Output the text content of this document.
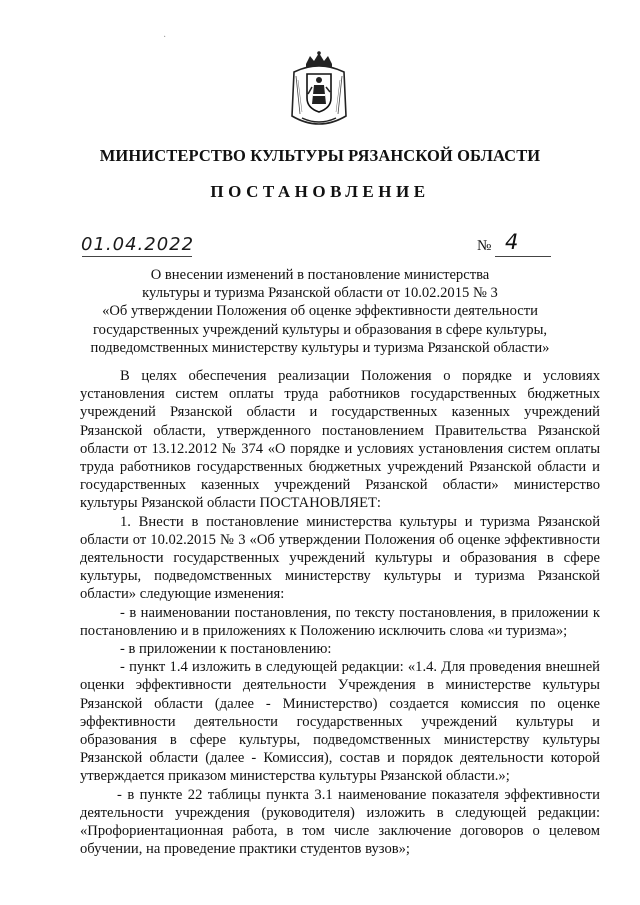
·
МИНИСТЕРСТВО КУЛЬТУРЫ РЯЗАНСКОЙ ОБЛАСТИ
ПОСТАНОВЛЕНИЕ
01.04.2022	№ 4
О внесении изменений в постановление министерства
культуры и туризма Рязанской области от 10.02.2015 № 3
«Об утверждении Положения об оценке эффективности деятельности
государственных учреждений культуры и образования в сфере культуры,
подведомственных министерству культуры и туризма Рязанской области»

В целях обеспечения реализации Положения о порядке и условиях установления систем оплаты труда работников государственных бюджетных учреждений Рязанской области и государственных казенных учреждений Рязанской области, утвержденного постановлением Правительства Рязанской области от 13.12.2012 № 374 «О порядке и условиях установления систем оплаты труда работников государственных бюджетных учреждений Рязанской области и государственных казенных учреждений Рязанской области» министерство культуры Рязанской области ПОСТАНОВЛЯЕТ:

1. Внести в постановление министерства культуры и туризма Рязанской области от 10.02.2015 № 3 «Об утверждении Положения об оценке эффективности деятельности государственных учреждений культуры и образования в сфере культуры, подведомственных министерству культуры и туризма Рязанской области» следующие изменения:

- в наименовании постановления, по тексту постановления, в приложении к постановлению и в приложениях к Положению исключить слова «и туризма»;

- в приложении к постановлению:

- пункт 1.4 изложить в следующей редакции: «1.4. Для проведения внешней оценки эффективности деятельности Учреждения в министерстве культуры Рязанской области (далее - Министерство) создается комиссия по оценке эффективности деятельности государственных учреждений культуры и образования в сфере культуры, подведомственных министерству культуры Рязанской области (далее - Комиссия), состав и порядок деятельности которой утверждается приказом министерства культуры Рязанской области.»;

- в пункте 22 таблицы пункта 3.1 наименование показателя эффективности деятельности учреждения (руководителя) изложить в следующей редакции: «Профориентационная работа, в том числе заключение договоров о целевом обучении, на проведение практики студентов вузов»;
